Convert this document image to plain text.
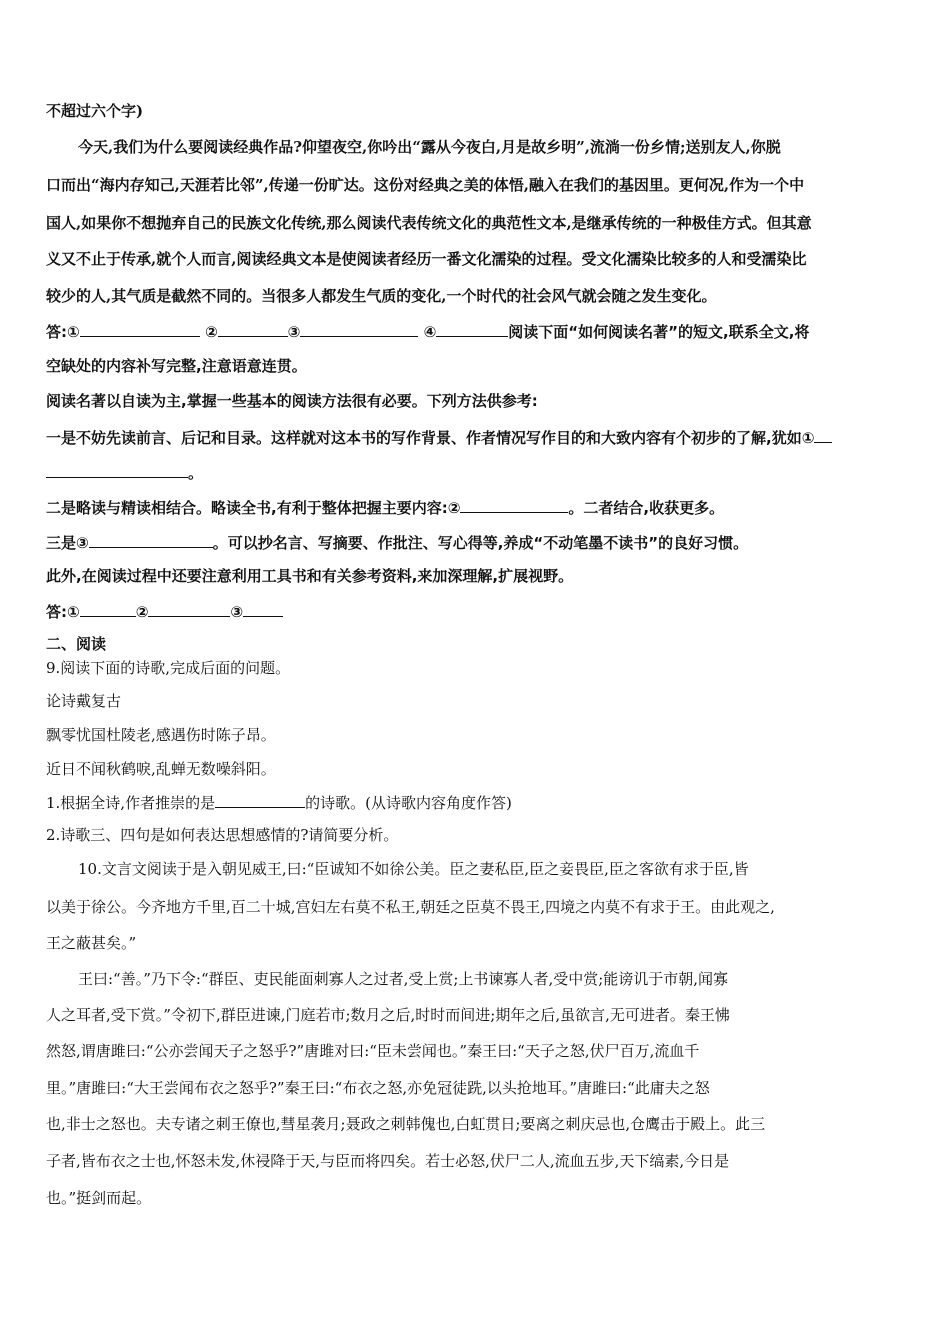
不超过六个字)
今天,我们为什么要阅读经典作品?仰望夜空,你吟出“露从今夜白,月是故乡明”,流淌一份乡情;送别友人,你脱
口而出“海内存知己,天涯若比邻”,传递一份旷达。这份对经典之美的体悟,融入在我们的基因里。更何况,作为一个中
国人,如果你不想抛弃自己的民族文化传统,那么阅读代表传统文化的典范性文本,是继承传统的一种极佳方式。但其意
义又不止于传承,就个人而言,阅读经典文本是使阅读者经历一番文化濡染的过程。受文化濡染比较多的人和受濡染比
较少的人,其气质是截然不同的。当很多人都发生气质的变化,一个时代的社会风气就会随之发生变化。
答:①	②	③	④	阅读下面“如何阅读名著”的短文,联系全文,将
空缺处的内容补写完整,注意语意连贯。
阅读名著以自读为主,掌握一些基本的阅读方法很有必要。下列方法供参考:
一是不妨先读前言、后记和目录。这样就对这本书的写作背景、作者情况写作目的和大致内容有个初步的了解,犹如①
。
二是略读与精读相结合。略读全书,有利于整体把握主要内容:②	。二者结合,收获更多。
三是③	。可以抄名言、写摘要、作批注、写心得等,养成“不动笔墨不读书”的良好习惯。
此外,在阅读过程中还要注意利用工具书和有关参考资料,来加深理解,扩展视野。
答:①	②	③
二、阅读
9.阅读下面的诗歌,完成后面的问题。
论诗戴复古
飘零忧国杜陵老,感遇伤时陈子昂。
近日不闻秋鹤唳,乱蝉无数噪斜阳。
1.根据全诗,作者推崇的是	的诗歌。(从诗歌内容角度作答)
2.诗歌三、四句是如何表达思想感情的?请简要分析。
10.文言文阅读于是入朝见威王,曰:“臣诚知不如徐公美。臣之妻私臣,臣之妾畏臣,臣之客欲有求于臣,皆
以美于徐公。今齐地方千里,百二十城,宫妇左右莫不私王,朝廷之臣莫不畏王,四境之内莫不有求于王。由此观之,
王之蔽甚矣。”
王曰:“善。”乃下令:“群臣、吏民能面刺寡人之过者,受上赏;上书谏寡人者,受中赏;能谤讥于市朝,闻寡
人之耳者,受下赏。”令初下,群臣进谏,门庭若市;数月之后,时时而间进;期年之后,虽欲言,无可进者。秦王怫
然怒,谓唐雎曰:“公亦尝闻天子之怒乎?”唐雎对曰:“臣未尝闻也。”秦王曰:“天子之怒,伏尸百万,流血千
里。”唐雎曰:“大王尝闻布衣之怒乎?”秦王曰:“布衣之怒,亦免冠徒跣,以头抢地耳。”唐雎曰:“此庸夫之怒
也,非士之怒也。夫专诸之刺王僚也,彗星袭月;聂政之刺韩傀也,白虹贯日;要离之刺庆忌也,仓鹰击于殿上。此三
子者,皆布衣之士也,怀怒未发,休祲降于天,与臣而将四矣。若士必怒,伏尸二人,流血五步,天下缟素,今日是
也。”挺剑而起。
